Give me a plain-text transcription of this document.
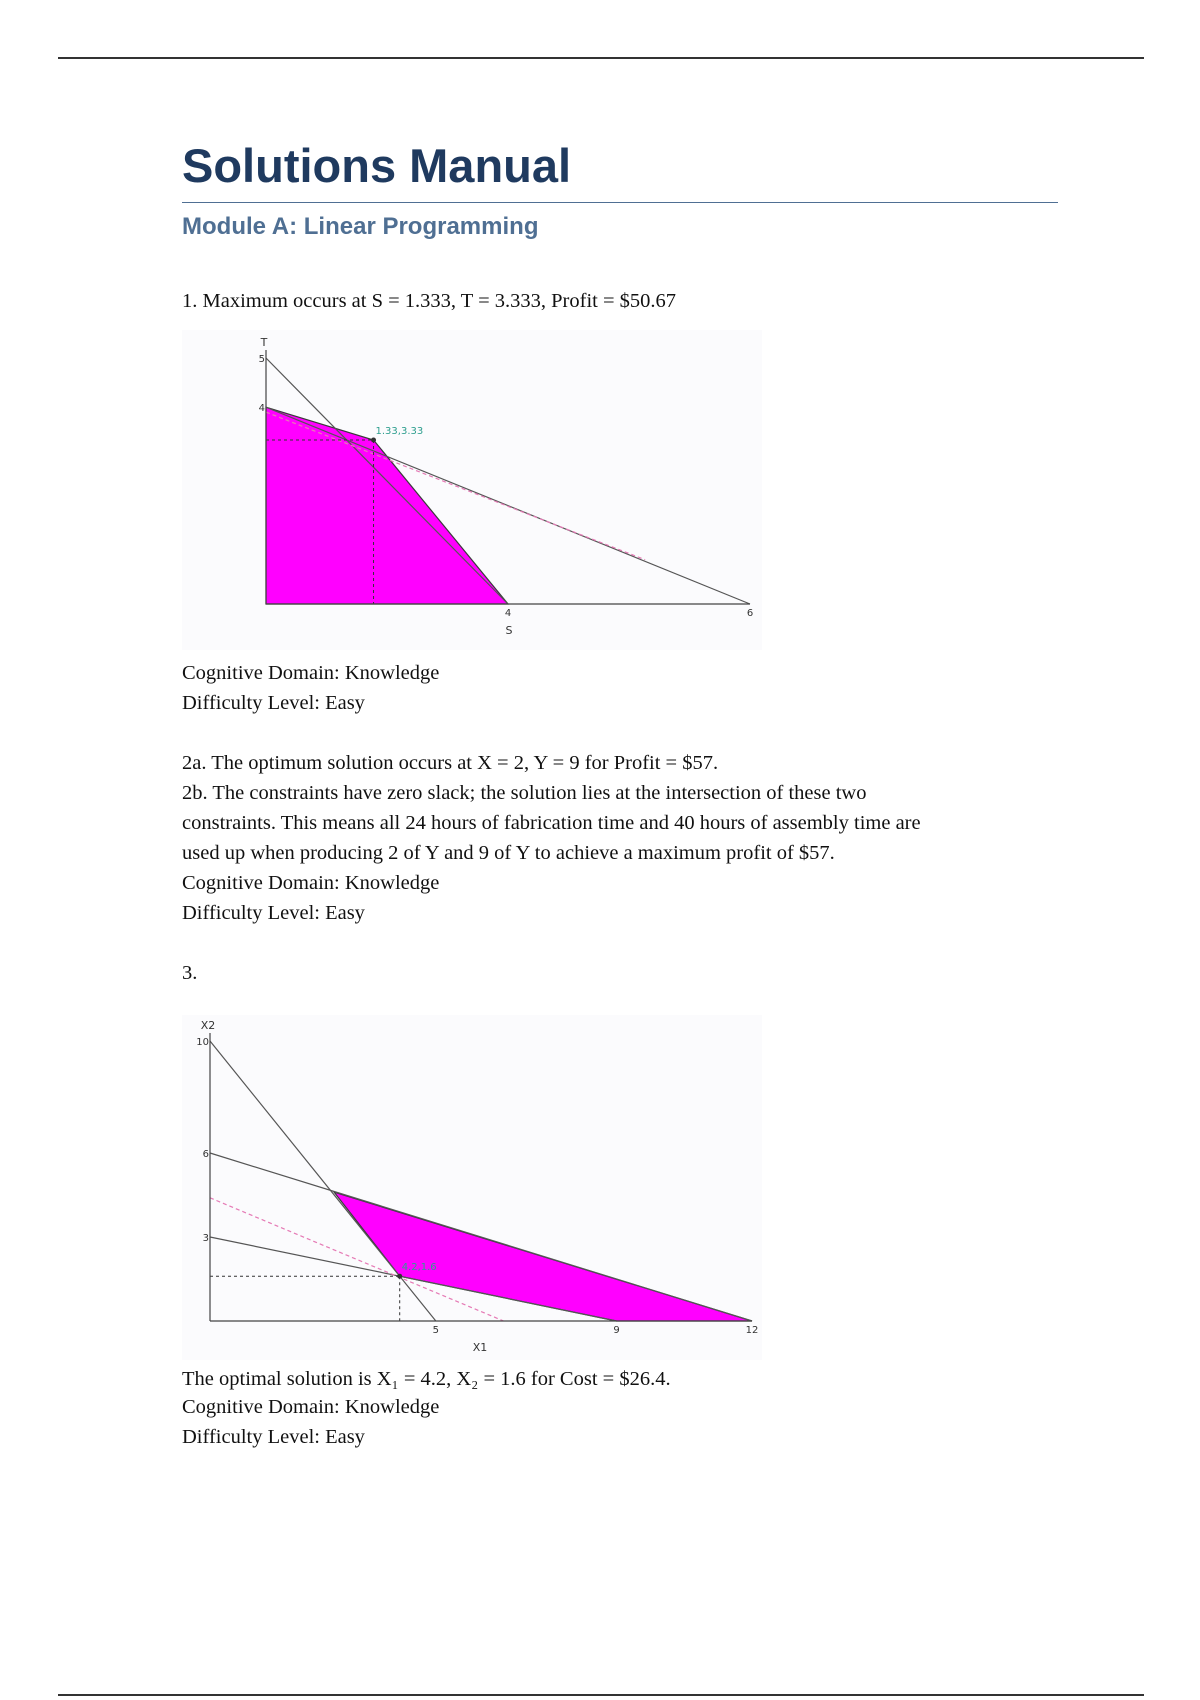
Solutions Manual
Module A: Linear Programming

1. Maximum occurs at S = 1.333, T = 3.333, Profit = $50.67

1.33,3.33
4	6
5
4
S
T

Cognitive Domain: Knowledge

Difficulty Level: Easy

2a. The optimum solution occurs at X = 2, Y = 9 for Profit = $57.

2b. The constraints have zero slack; the solution lies at the intersection of these two

constraints. This means all 24 hours of fabrication time and 40 hours of assembly time are

used up when producing 2 of Y and 9 of Y to achieve a maximum profit of $57.

Cognitive Domain: Knowledge

Difficulty Level: Easy

3.

4.2,1.6
5	9	12
10
6
3
X1
X2

The optimal solution is X₁ = 4.2, X₂ = 1.6 for Cost = $26.4.

Cognitive Domain: Knowledge

Difficulty Level: Easy
